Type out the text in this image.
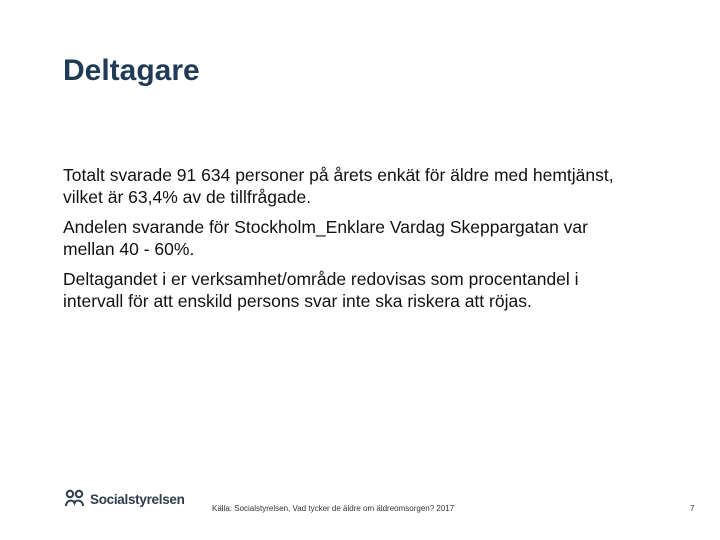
Deltagare

Totalt svarade 91 634 personer på årets enkät för äldre med hemtjänst, vilket är 63,4% av de tillfrågade.

Andelen svarande för Stockholm_Enklare Vardag Skeppargatan var mellan 40 - 60%.

Deltagandet i er verksamhet/område redovisas som procentandel i intervall för att enskild persons svar inte ska riskera att röjas.

Socialstyrelsen
Källa: Socialstyrelsen, Vad tycker de äldre om äldreomsorgen? 2017	7
